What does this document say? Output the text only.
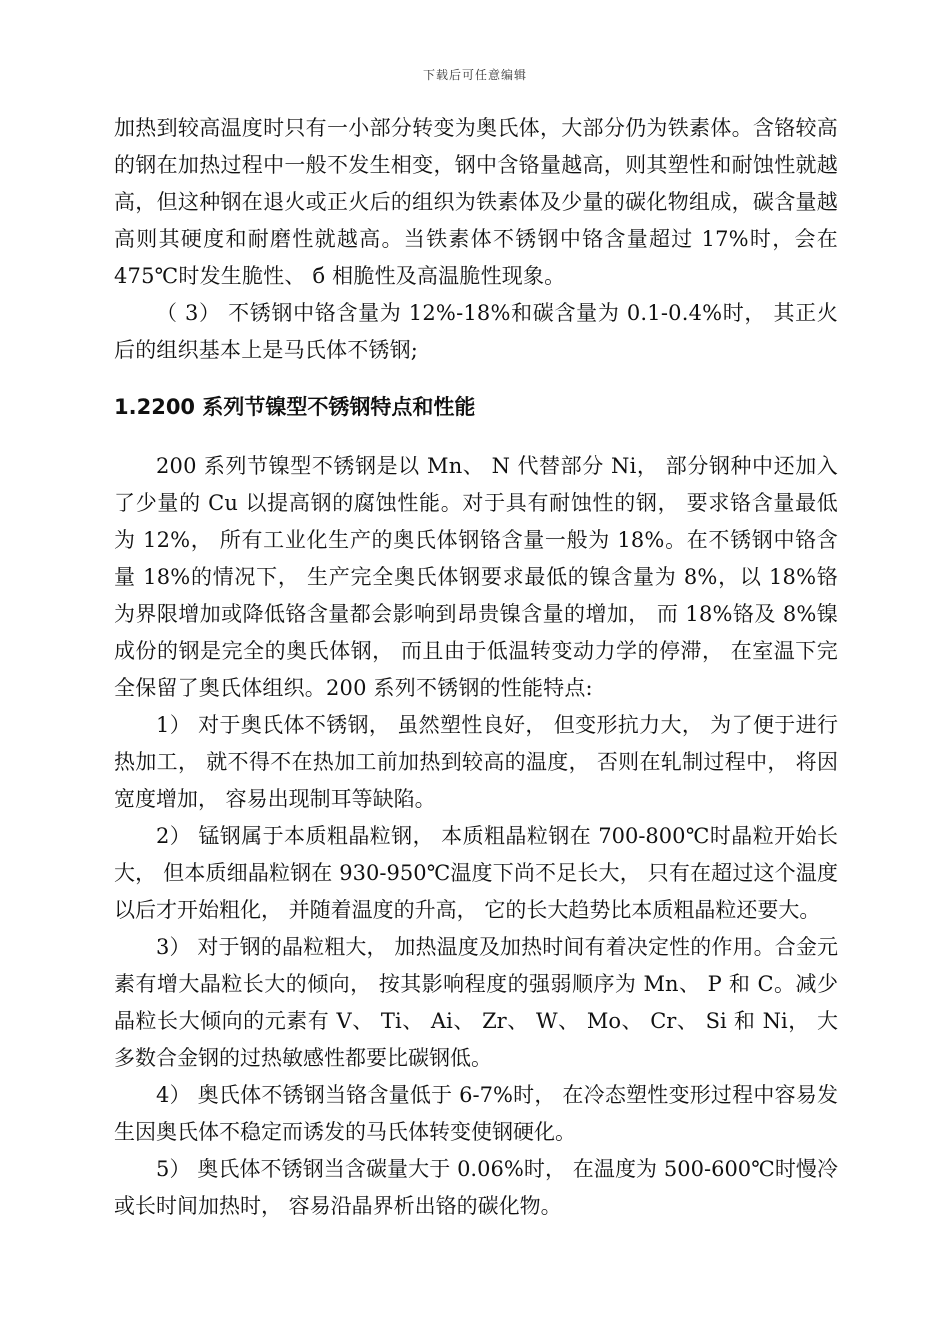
下载后可任意编辑

加热到较高温度时只有一小部分转变为奥氏体，大部分仍为铁素体。含铬较高的钢在加热过程中一般不发生相变，钢中含铬量越高，则其塑性和耐蚀性就越高，但这种钢在退火或正火后的组织为铁素体及少量的碳化物组成，碳含量越高则其硬度和耐磨性就越高。当铁素体不锈钢中铬含量超过 17%时，会在 475℃时发生脆性、 б 相脆性及高温脆性现象。

（ 3） 不锈钢中铬含量为 12%-18%和碳含量为 0.1-0.4%时， 其正火后的组织基本上是马氏体不锈钢;

1.2200 系列节镍型不锈钢特点和性能

200 系列节镍型不锈钢是以 Mn、 N 代替部分 Ni， 部分钢种中还加入了少量的 Cu 以提高钢的腐蚀性能。对于具有耐蚀性的钢， 要求铬含量最低为 12%， 所有工业化生产的奥氏体钢铬含量一般为 18%。在不锈钢中铬含量 18%的情况下， 生产完全奥氏体钢要求最低的镍含量为 8%，以 18%铬为界限增加或降低铬含量都会影响到昂贵镍含量的增加， 而 18%铬及 8%镍成份的钢是完全的奥氏体钢， 而且由于低温转变动力学的停滞， 在室温下完全保留了奥氏体组织。200 系列不锈钢的性能特点:

1） 对于奥氏体不锈钢， 虽然塑性良好， 但变形抗力大， 为了便于进行热加工， 就不得不在热加工前加热到较高的温度， 否则在轧制过程中， 将因宽度增加， 容易出现制耳等缺陷。

2） 锰钢属于本质粗晶粒钢， 本质粗晶粒钢在 700-800℃时晶粒开始长大， 但本质细晶粒钢在 930-950℃温度下尚不足长大， 只有在超过这个温度以后才开始粗化， 并随着温度的升高， 它的长大趋势比本质粗晶粒还要大。

3） 对于钢的晶粒粗大， 加热温度及加热时间有着决定性的作用。合金元素有增大晶粒长大的倾向， 按其影响程度的强弱顺序为 Mn、 P 和 C。减少晶粒长大倾向的元素有 V、 Ti、 Ai、 Zr、 W、 Mo、 Cr、 Si 和 Ni， 大多数合金钢的过热敏感性都要比碳钢低。

4） 奥氏体不锈钢当铬含量低于 6-7%时， 在冷态塑性变形过程中容易发生因奥氏体不稳定而诱发的马氏体转变使钢硬化。

5） 奥氏体不锈钢当含碳量大于 0.06%时， 在温度为 500-600℃时慢冷或长时间加热时， 容易沿晶界析出铬的碳化物。
